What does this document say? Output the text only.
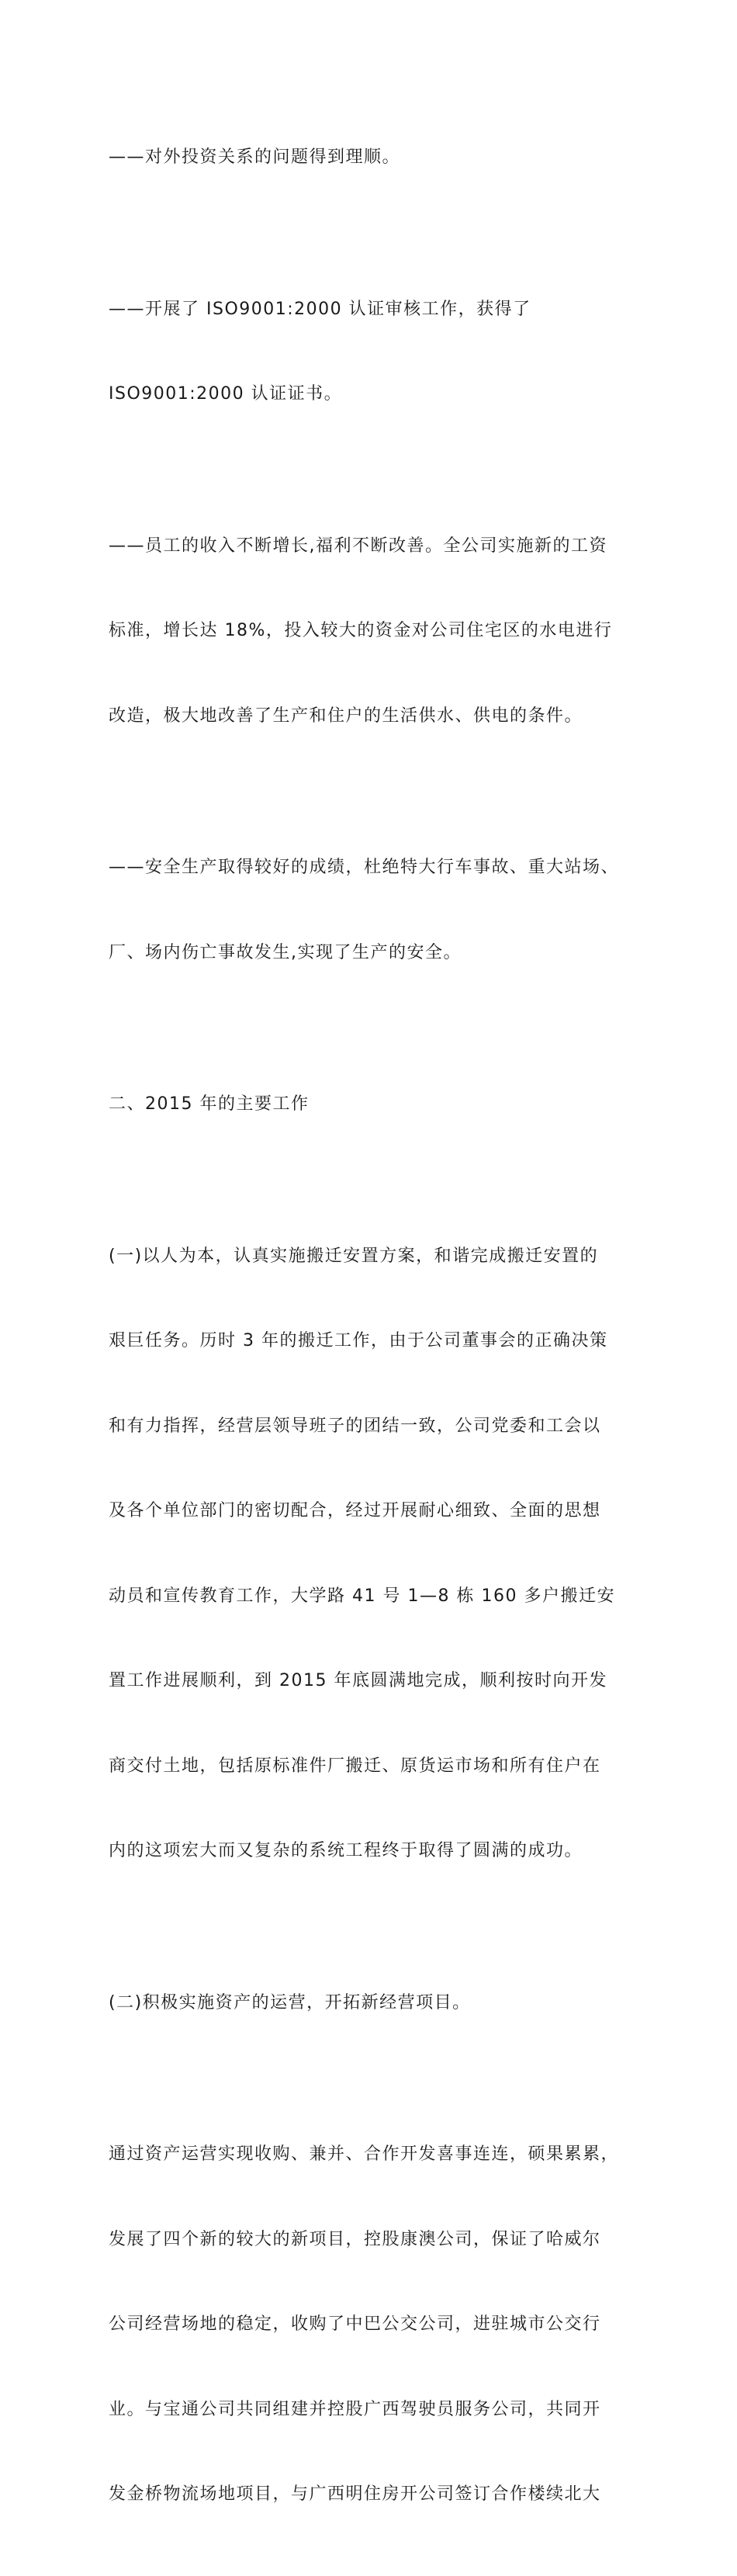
——对外投资关系的问题得到理顺。

——开展了 ISO9001:2000 认证审核工作，获得了

ISO9001:2000 认证证书。

——员工的收入不断增长,福利不断改善。全公司实施新的工资

标准，增长达 18%，投入较大的资金对公司住宅区的水电进行

改造，极大地改善了生产和住户的生活供水、供电的条件。

——安全生产取得较好的成绩，杜绝特大行车事故、重大站场、

厂、场内伤亡事故发生,实现了生产的安全。

二、2015 年的主要工作

(一)以人为本，认真实施搬迁安置方案，和谐完成搬迁安置的

艰巨任务。历时 3 年的搬迁工作，由于公司董事会的正确决策

和有力指挥，经营层领导班子的团结一致，公司党委和工会以

及各个单位部门的密切配合，经过开展耐心细致、全面的思想

动员和宣传教育工作，大学路 41 号 1—8 栋 160 多户搬迁安

置工作进展顺利，到 2015 年底圆满地完成，顺利按时向开发

商交付土地，包括原标准件厂搬迁、原货运市场和所有住户在

内的这项宏大而又复杂的系统工程终于取得了圆满的成功。

(二)积极实施资产的运营，开拓新经营项目。

通过资产运营实现收购、兼并、合作开发喜事连连，硕果累累，

发展了四个新的较大的新项目，控股康澳公司，保证了哈威尔

公司经营场地的稳定，收购了中巴公交公司，进驻城市公交行

业。与宝通公司共同组建并控股广西驾驶员服务公司，共同开

发金桥物流场地项目，与广西明住房开公司签订合作楼续北大
